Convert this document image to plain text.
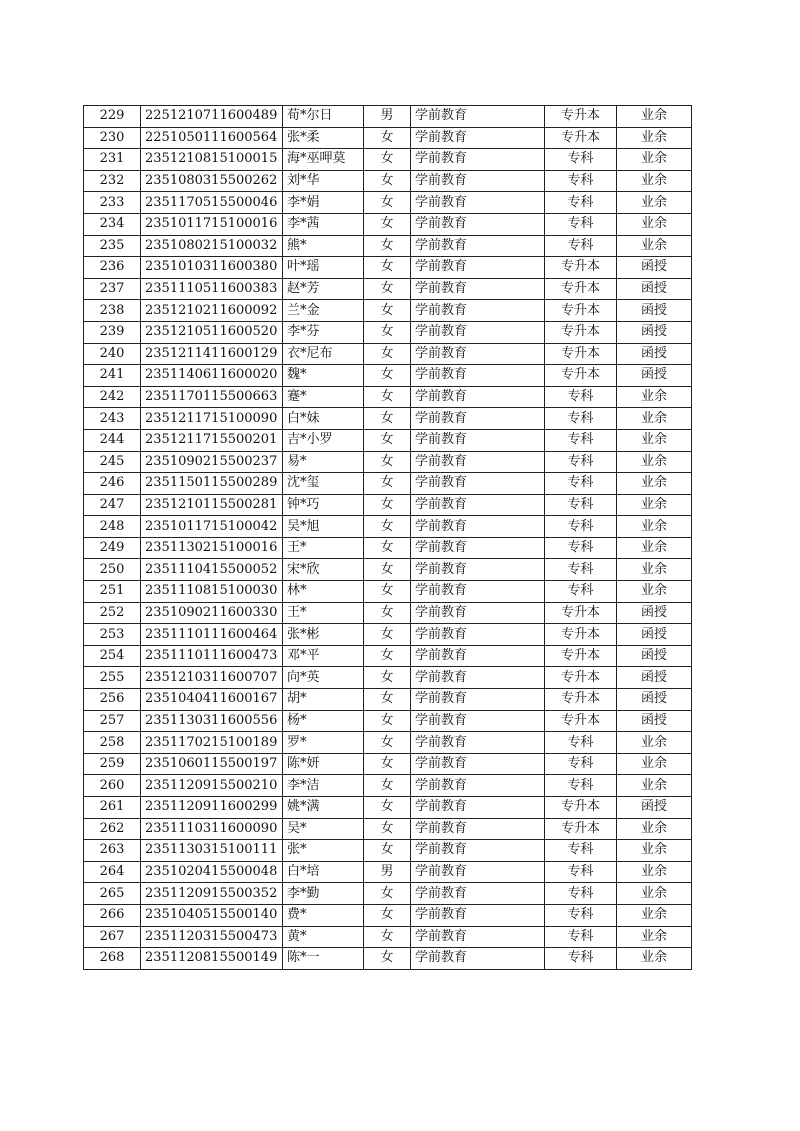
229	2251210711600489	荀*尔日	男	学前教育	专升本	业余
230	2251050111600564	张*柔	女	学前教育	专升本	业余
231	2351210815100015	海*巫呷莫	女	学前教育	专科	业余
232	2351080315500262	刘*华	女	学前教育	专科	业余
233	2351170515500046	李*娟	女	学前教育	专科	业余
234	2351011715100016	李*茜	女	学前教育	专科	业余
235	2351080215100032	熊*	女	学前教育	专科	业余
236	2351010311600380	叶*瑶	女	学前教育	专升本	函授
237	2351110511600383	赵*芳	女	学前教育	专升本	函授
238	2351210211600092	兰*金	女	学前教育	专升本	函授
239	2351210511600520	李*芬	女	学前教育	专升本	函授
240	2351211411600129	衣*尼布	女	学前教育	专升本	函授
241	2351140611600020	魏*	女	学前教育	专升本	函授
242	2351170115500663	蹇*	女	学前教育	专科	业余
243	2351211715100090	白*妹	女	学前教育	专科	业余
244	2351211715500201	吉*小罗	女	学前教育	专科	业余
245	2351090215500237	易*	女	学前教育	专科	业余
246	2351150115500289	沈*玺	女	学前教育	专科	业余
247	2351210115500281	钟*巧	女	学前教育	专科	业余
248	2351011715100042	吴*旭	女	学前教育	专科	业余
249	2351130215100016	王*	女	学前教育	专科	业余
250	2351110415500052	宋*欣	女	学前教育	专科	业余
251	2351110815100030	林*	女	学前教育	专科	业余
252	2351090211600330	王*	女	学前教育	专升本	函授
253	2351110111600464	张*彬	女	学前教育	专升本	函授
254	2351110111600473	邓*平	女	学前教育	专升本	函授
255	2351210311600707	向*英	女	学前教育	专升本	函授
256	2351040411600167	胡*	女	学前教育	专升本	函授
257	2351130311600556	杨*	女	学前教育	专升本	函授
258	2351170215100189	罗*	女	学前教育	专科	业余
259	2351060115500197	陈*妍	女	学前教育	专科	业余
260	2351120915500210	李*洁	女	学前教育	专科	业余
261	2351120911600299	姚*满	女	学前教育	专升本	函授
262	2351110311600090	吴*	女	学前教育	专升本	业余
263	2351130315100111	张*	女	学前教育	专科	业余
264	2351020415500048	白*培	男	学前教育	专科	业余
265	2351120915500352	李*勤	女	学前教育	专科	业余
266	2351040515500140	费*	女	学前教育	专科	业余
267	2351120315500473	黄*	女	学前教育	专科	业余
268	2351120815500149	陈*一	女	学前教育	专科	业余
